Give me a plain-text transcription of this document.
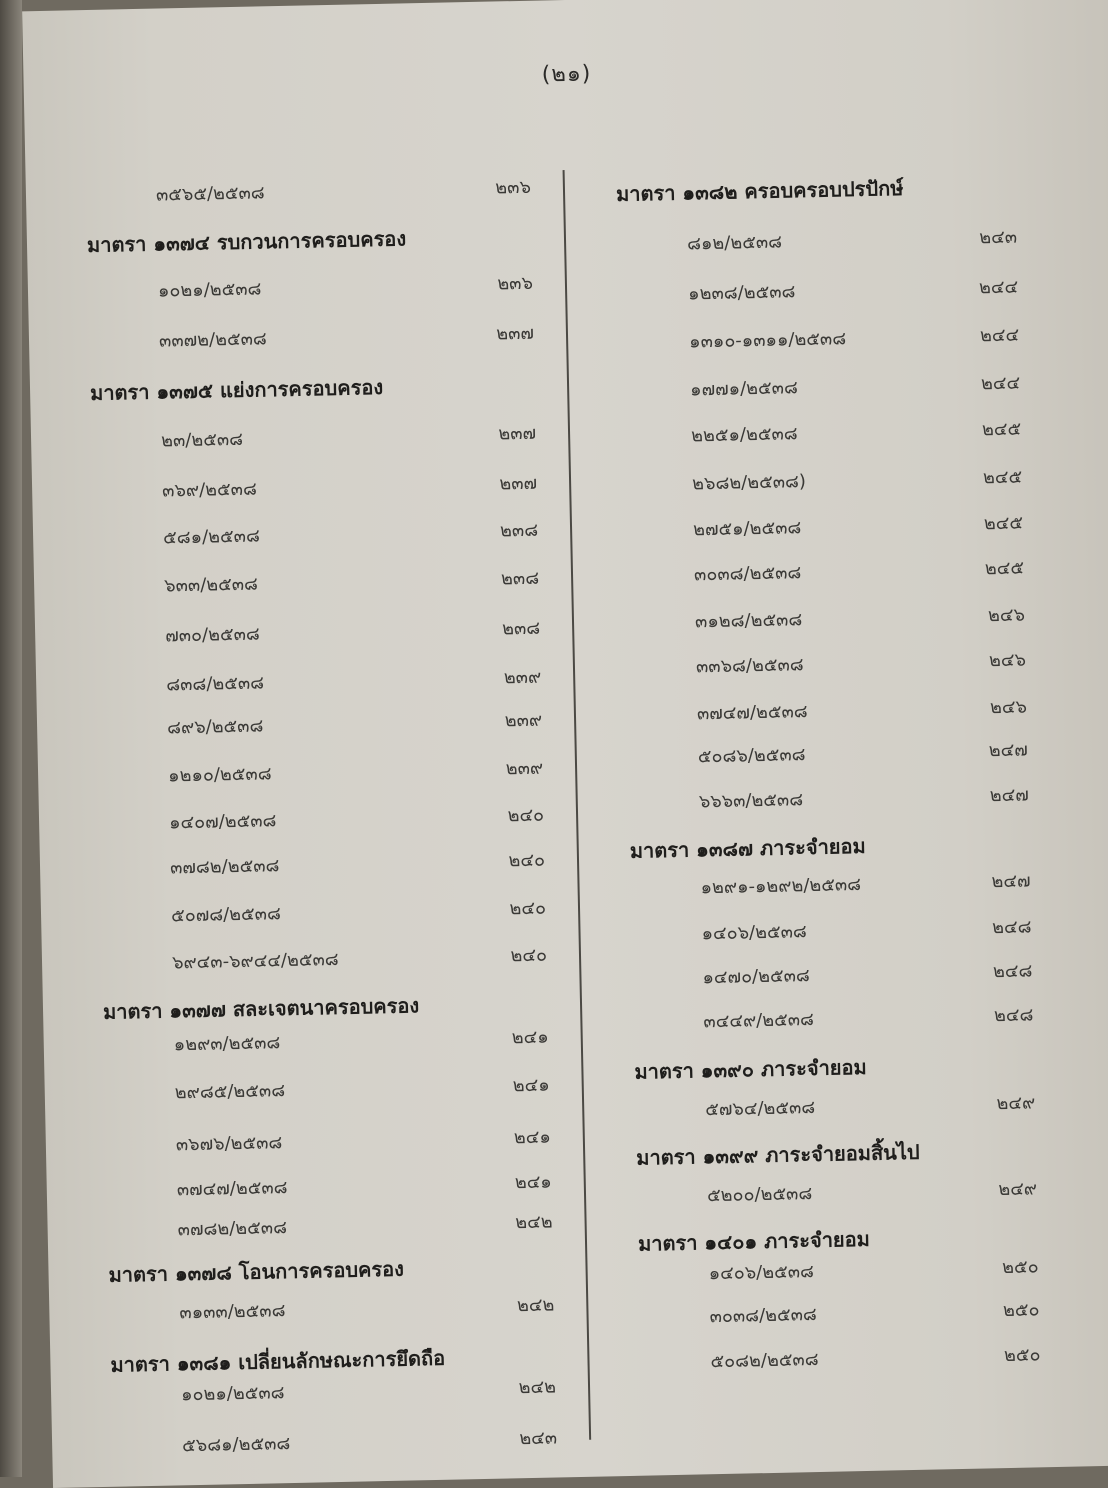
(๒๑)
๓๕๖๕/๒๕๓๘	๒๓๖
มาตรา ๑๓๗๔ รบกวนการครอบครอง
๑๐๒๑/๒๕๓๘	๒๓๖
๓๓๗๒/๒๕๓๘	๒๓๗
มาตรา ๑๓๗๕ แย่งการครอบครอง
๒๓/๒๕๓๘	๒๓๗
๓๖๙/๒๕๓๘	๒๓๗
๕๘๑/๒๕๓๘	๒๓๘
๖๓๓/๒๕๓๘	๒๓๘
๗๓๐/๒๕๓๘	๒๓๘
๘๓๘/๒๕๓๘	๒๓๙
๘๙๖/๒๕๓๘	๒๓๙
๑๒๑๐/๒๕๓๘	๒๓๙
๑๔๐๗/๒๕๓๘	๒๔๐
๓๗๘๒/๒๕๓๘	๒๔๐
๕๐๗๘/๒๕๓๘	๒๔๐
๖๙๔๓-๖๙๔๔/๒๕๓๘	๒๔๐
มาตรา ๑๓๗๗ สละเจตนาครอบครอง
๑๒๙๓/๒๕๓๘	๒๔๑
๒๙๘๕/๒๕๓๘	๒๔๑
๓๖๗๖/๒๕๓๘	๒๔๑
๓๗๔๗/๒๕๓๘	๒๔๑
๓๗๘๒/๒๕๓๘	๒๔๒
มาตรา ๑๓๗๘ โอนการครอบครอง
๓๑๓๓/๒๕๓๘	๒๔๒
มาตรา ๑๓๘๑ เปลี่ยนลักษณะการยึดถือ
๑๐๒๑/๒๕๓๘	๒๔๒
๕๖๘๑/๒๕๓๘	๒๔๓
มาตรา ๑๓๘๒ ครอบครอบปรปักษ์
๘๑๒/๒๕๓๘	๒๔๓
๑๒๓๘/๒๕๓๘	๒๔๔
๑๓๑๐-๑๓๑๑/๒๕๓๘	๒๔๔
๑๗๗๑/๒๕๓๘	๒๔๔
๒๒๕๑/๒๕๓๘	๒๔๕
๒๖๘๒/๒๕๓๘)	๒๔๕
๒๗๕๑/๒๕๓๘	๒๔๕
๓๐๓๘/๒๕๓๘	๒๔๕
๓๑๒๘/๒๕๓๘	๒๔๖
๓๓๖๘/๒๕๓๘	๒๔๖
๓๗๔๗/๒๕๓๘	๒๔๖
๕๐๘๖/๒๕๓๘	๒๔๗
๖๖๖๓/๒๕๓๘	๒๔๗
มาตรา ๑๓๘๗ ภาระจำยอม
๑๒๙๑-๑๒๙๒/๒๕๓๘	๒๔๗
๑๔๐๖/๒๕๓๘	๒๔๘
๑๔๗๐/๒๕๓๘	๒๔๘
๓๔๔๙/๒๕๓๘	๒๔๘
มาตรา ๑๓๙๐ ภาระจำยอม
๕๗๖๔/๒๕๓๘	๒๔๙
มาตรา ๑๓๙๙ ภาระจำยอมสิ้นไป
๕๒๐๐/๒๕๓๘	๒๔๙
มาตรา ๑๔๐๑ ภาระจำยอม
๑๔๐๖/๒๕๓๘	๒๕๐
๓๐๓๘/๒๕๓๘	๒๕๐
๕๐๘๒/๒๕๓๘	๒๕๐
